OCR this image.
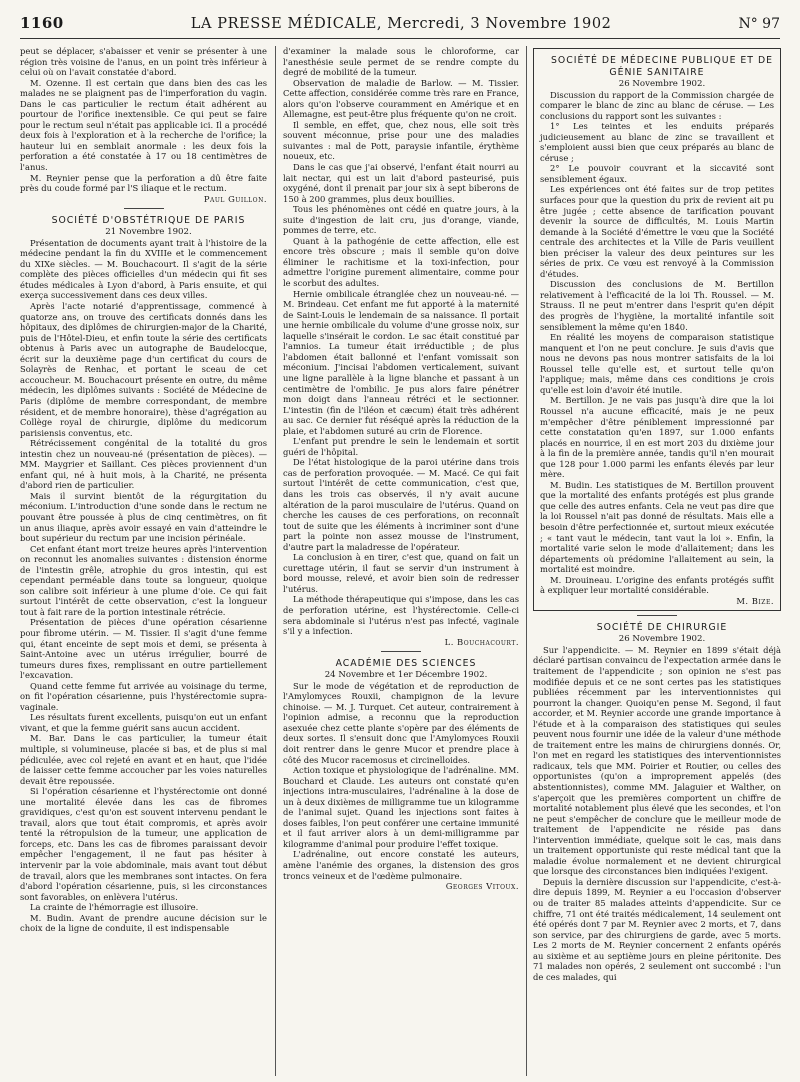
1160	LA PRESSE MÉDICALE, Mercredi, 3 Novembre 1902	N° 97

peut se déplacer, s'abaisser et venir se présenter à une région très voisine de l'anus, en un point très inférieur à celui où on l'avait constatée d'abord.

M. Ozenne. Il est certain que dans bien des cas les malades ne se plaignent pas de l'imperforation du vagin. Dans le cas particulier le rectum était adhérent au pourtour de l'orifice inextensible. Ce qui peut se faire pour le rectum seul n'était pas applicable ici. Il a procédé deux fois à l'exploration et à la recherche de l'orifice; la hauteur lui en semblait anormale : les deux fois la perforation a été constatée à 17 ou 18 centimètres de l'anus.

M. Reynier pense que la perforation a dû être faite près du coude formé par l'S iliaque et le rectum.

Paul Guillon.

SOCIÉTÉ D'OBSTÉTRIQUE DE PARIS

21 Novembre 1902.

Présentation de documents ayant trait à l'histoire de la médecine pendant la fin du XVIIIe et le commencement du XIXe siècles. — M. Bouchacourt. Il s'agit de la série complète des pièces officielles d'un médecin qui fit ses études médicales à Lyon d'abord, à Paris ensuite, et qui exerça successivement dans ces deux villes.

Après l'acte notarié d'apprentissage, commencé à quatorze ans, on trouve des certificats donnés dans les hôpitaux, des diplômes de chirurgien-major de la Charité, puis de l'Hôtel-Dieu, et enfin toute la série des certificats obtenus à Paris avec un autographe de Baudelocque, écrit sur la deuxième page d'un certificat du cours de Solayrès de Renhac, et portant le sceau de cet accoucheur. M. Bouchacourt présente en outre, du même médecin, les diplômes suivants : Société de Médecine de Paris (diplôme de membre correspondant, de membre résident, et de membre honoraire), thèse d'agrégation au Collège royal de chirurgie, diplôme du medicorum parisiensis conventus, etc.

Rétrécissement congénital de la totalité du gros intestin chez un nouveau-né (présentation de pièces). — MM. Maygrier et Saillant. Ces pièces proviennent d'un enfant qui, né à huit mois, à la Charité, ne présenta d'abord rien de particulier.

Mais il survint bientôt de la régurgitation du méconium. L'introduction d'une sonde dans le rectum ne pouvant être poussée à plus de cinq centimètres, on fit un anus iliaque, après avoir essayé en vain d'atteindre le bout supérieur du rectum par une incision périnéale.

Cet enfant étant mort treize heures après l'intervention on reconnut les anomalies suivantes : distension énorme de l'intestin grêle, atrophie du gros intestin, qui est cependant perméable dans toute sa longueur, quoique son calibre soit inférieur à une plume d'oie. Ce qui fait surtout l'intérêt de cette observation, c'est la longueur tout à fait rare de la portion intestinale rétrécie.

Présentation de pièces d'une opération césarienne pour fibrome utérin. — M. Tissier. Il s'agit d'une femme qui, étant enceinte de sept mois et demi, se présenta à Saint-Antoine avec un utérus irrégulier, bourré de tumeurs dures fixes, remplissant en outre partiellement l'excavation.

Quand cette femme fut arrivée au voisinage du terme, on fit l'opération césarienne, puis l'hystérectomie supra-vaginale.

Les résultats furent excellents, puisqu'on eut un enfant vivant, et que la femme guérit sans aucun accident.

M. Bar. Dans le cas particulier, la tumeur était multiple, si volumineuse, placée si bas, et de plus si mal pédiculée, avec col rejeté en avant et en haut, que l'idée de laisser cette femme accoucher par les voies naturelles devait être repoussée.

Si l'opération césarienne et l'hystérectomie ont donné une mortalité élevée dans les cas de fibromes gravidiques, c'est qu'on est souvent intervenu pendant le travail, alors que tout était compromis, et après avoir tenté la rétropulsion de la tumeur, une application de forceps, etc. Dans les cas de fibromes paraissant devoir empêcher l'engagement, il ne faut pas hésiter à intervenir par la voie abdominale, mais avant tout début de travail, alors que les membranes sont intactes. On fera d'abord l'opération césarienne, puis, si les circonstances sont favorables, on enlèvera l'utérus.

La crainte de l'hémorragie est illusoire.

M. Budin. Avant de prendre aucune décision sur le choix de la ligne de conduite, il est indispensable

d'examiner la malade sous le chloroforme, car l'anesthésie seule permet de se rendre compte du degré de mobilité de la tumeur.

Observation de maladie de Barlow. — M. Tissier. Cette affection, considérée comme très rare en France, alors qu'on l'observe couramment en Amérique et en Allemagne, est peut-être plus fréquente qu'on ne croit.

Il semble, en effet, que, chez nous, elle soit très souvent méconnue, prise pour une des maladies suivantes : mal de Pott, paraysie infantile, érythème noueux, etc.

Dans le cas que j'ai observé, l'enfant était nourri au lait nectar, qui est un lait d'abord pasteurisé, puis oxygéné, dont il prenait par jour six à sept biberons de 150 à 200 grammes, plus deux bouillies.

Tous les phénomènes ont cédé en quatre jours, à la suite d'ingestion de lait cru, jus d'orange, viande, pommes de terre, etc.

Quant à la pathogénie de cette affection, elle est encore très obscure ; mais il semble qu'on doive éliminer le rachitisme et la toxi-infection, pour admettre l'origine purement alimentaire, comme pour le scorbut des adultes.

Hernie ombilicale étranglée chez un nouveau-né. — M. Brindeau. Cet enfant me fut apporté à la maternité de Saint-Louis le lendemain de sa naissance. Il portait une hernie ombilicale du volume d'une grosse noix, sur laquelle s'insérait le cordon. Le sac était constitué par l'amnios. La tumeur était irréductible ; de plus l'abdomen était ballonné et l'enfant vomissait son méconium. J'incisai l'abdomen verticalement, suivant une ligne parallèle à la ligne blanche et passant à un centimètre de l'ombilic. Je pus alors faire pénétrer mon doigt dans l'anneau rétréci et le sectionner. L'intestin (fin de l'iléon et cæcum) était très adhérent au sac. Ce dernier fut réséqué après la réduction de la plaie, et l'abdomen suturé au crin de Florence.

L'enfant put prendre le sein le lendemain et sortit guéri de l'hôpital.

De l'état histologique de la paroi utérine dans trois cas de perforation provoquée. — M. Macé. Ce qui fait surtout l'intérêt de cette communication, c'est que, dans les trois cas observés, il n'y avait aucune altération de la paroi musculaire de l'utérus. Quand on cherche les causes de ces perforations, on reconnaît tout de suite que les éléments à incriminer sont d'une part la pointe non assez mousse de l'instrument, d'autre part la maladresse de l'opérateur.

La conclusion à en tirer, c'est que, quand on fait un curettage utérin, il faut se servir d'un instrument à bord mousse, relevé, et avoir bien soin de redresser l'utérus.

La méthode thérapeutique qui s'impose, dans les cas de perforation utérine, est l'hystérectomie. Celle-ci sera abdominale si l'utérus n'est pas infecté, vaginale s'il y a infection.

L. Bouchacourt.

ACADÉMIE DES SCIENCES

24 Novembre et 1er Décembre 1902.

Sur le mode de végétation et de reproduction de l'Amylomyces Rouxii, champignon de la levure chinoise. — M. J. Turquet. Cet auteur, contrairement à l'opinion admise, a reconnu que la reproduction asexuée chez cette plante s'opère par des éléments de deux sortes. Il s'ensuit donc que l'Amylomyces Rouxii doit rentrer dans le genre Mucor et prendre place à côté des Mucor racemosus et circinelloides.

Action toxique et physiologique de l'adrénaline. MM. Bouchard et Claude. Les auteurs ont constaté qu'en injections intra-musculaires, l'adrénaline à la dose de un à deux dixièmes de milligramme tue un kilogramme de l'animal sujet. Quand les injections sont faites à doses faibles, l'on peut conférer une certaine immunité et il faut arriver alors à un demi-milligramme par kilogramme d'animal pour produire l'effet toxique.

L'adrénaline, out encore constaté les auteurs, amène l'anémie des organes, la distension des gros troncs veineux et de l'œdème pulmonaire.

Georges Vitoux.

SOCIÉTÉ DE MÉDECINE PUBLIQUE ET DE GÉNIE SANITAIRE

26 Novembre 1902.

Discussion du rapport de la Commission chargée de comparer le blanc de zinc au blanc de céruse. — Les conclusions du rapport sont les suivantes :

1° Les teintes et les enduits préparés judicieusement au blanc de zinc se travaillent et s'emploient aussi bien que ceux préparés au blanc de céruse ;

2° Le pouvoir couvrant et la siccavité sont sensiblement égaux.

Les expériences ont été faites sur de trop petites surfaces pour que la question du prix de revient ait pu être jugée ; cette absence de tarification pouvant devenir la source de difficultés, M. Louis Martin demande à la Société d'émettre le vœu que la Société centrale des architectes et la Ville de Paris veuillent bien préciser la valeur des deux peintures sur les séries de prix. Ce vœu est renvoyé à la Commission d'études.

Discussion des conclusions de M. Bertillon relativement à l'efficacité de la loi Th. Roussel. — M. Strauss. Il ne peut m'entrer dans l'esprit qu'en dépit des progrès de l'hygiène, la mortalité infantile soit sensiblement la même qu'en 1840.

En réalité les moyens de comparaison statistique manquent et l'on ne peut conclure. Je suis d'avis que nous ne devons pas nous montrer satisfaits de la loi Roussel telle qu'elle est, et surtout telle qu'on l'applique; mais, même dans ces conditions je crois qu'elle est loin d'avoir été inutile.

M. Bertillon. Je ne vais pas jusqu'à dire que la loi Roussel n'a aucune efficacité, mais je ne peux m'empêcher d'être péniblement impressionné par cette constatation qu'en 1897, sur 1.000 enfants placés en nourrice, il en est mort 203 du dixième jour à la fin de la première année, tandis qu'il n'en mourait que 128 pour 1.000 parmi les enfants élevés par leur mère.

M. Budin. Les statistiques de M. Bertillon prouvent que la mortalité des enfants protégés est plus grande que celle des autres enfants. Cela ne veut pas dire que la loi Roussel n'ait pas donné de résultats. Mais elle a besoin d'être perfectionnée et, surtout mieux exécutée ; « tant vaut le médecin, tant vaut la loi ». Enfin, la mortalité varie selon le mode d'allaitement; dans les départements où prédomine l'allaitement au sein, la mortalité est moindre.

M. Drouineau. L'origine des enfants protégés suffit à expliquer leur mortalité considérable.

M. Bize.

SOCIÉTÉ DE CHIRURGIE

26 Novembre 1902.

Sur l'appendicite. — M. Reynier en 1899 s'était déjà déclaré partisan convaincu de l'expectation armée dans le traitement de l'appendicite ; son opinion ne s'est pas modifiée depuis et ce ne sont certes pas les statistiques publiées récemment par les interventionnistes qui pourront la changer. Quoiqu'en pense M. Segond, il faut accorder, et M. Reynier accorde une grande importance à l'étude et à la comparaison des statistiques qui seules peuvent nous fournir une idée de la valeur d'une méthode de traitement entre les mains de chirurgiens donnés. Or, l'on met en regard les statistiques des interventionnistes radicaux, tels que MM. Poirier et Routier, ou celles des opportunistes (qu'on a improprement appelés (des abstentionnistes), comme MM. Jalaguier et Walther, on s'aperçoit que les premières comportent un chiffre de mortalité notablement plus élevé que les secondes, et l'on ne peut s'empêcher de conclure que le meilleur mode de traitement de l'appendicite ne réside pas dans l'intervention immédiate, quelque soit le cas, mais dans un traitement opportuniste qui reste médical tant que la maladie évolue normalement et ne devient chirurgical que lorsque des circonstances bien indiquées l'exigent.

Depuis la dernière discussion sur l'appendicite, c'est-à-dire depuis 1899, M. Reynier a eu l'occasion d'observer ou de traiter 85 malades atteints d'appendicite. Sur ce chiffre, 71 ont été traités médicalement, 14 seulement ont été opérés dont 7 par M. Reynier avec 2 morts, et 7, dans son service, par des chirurgiens de garde, avec 5 morts. Les 2 morts de M. Reynier concernent 2 enfants opérés au sixième et au septième jours en pleine péritonite. Des 71 malades non opérés, 2 seulement ont succombé : l'un de ces malades, qui
